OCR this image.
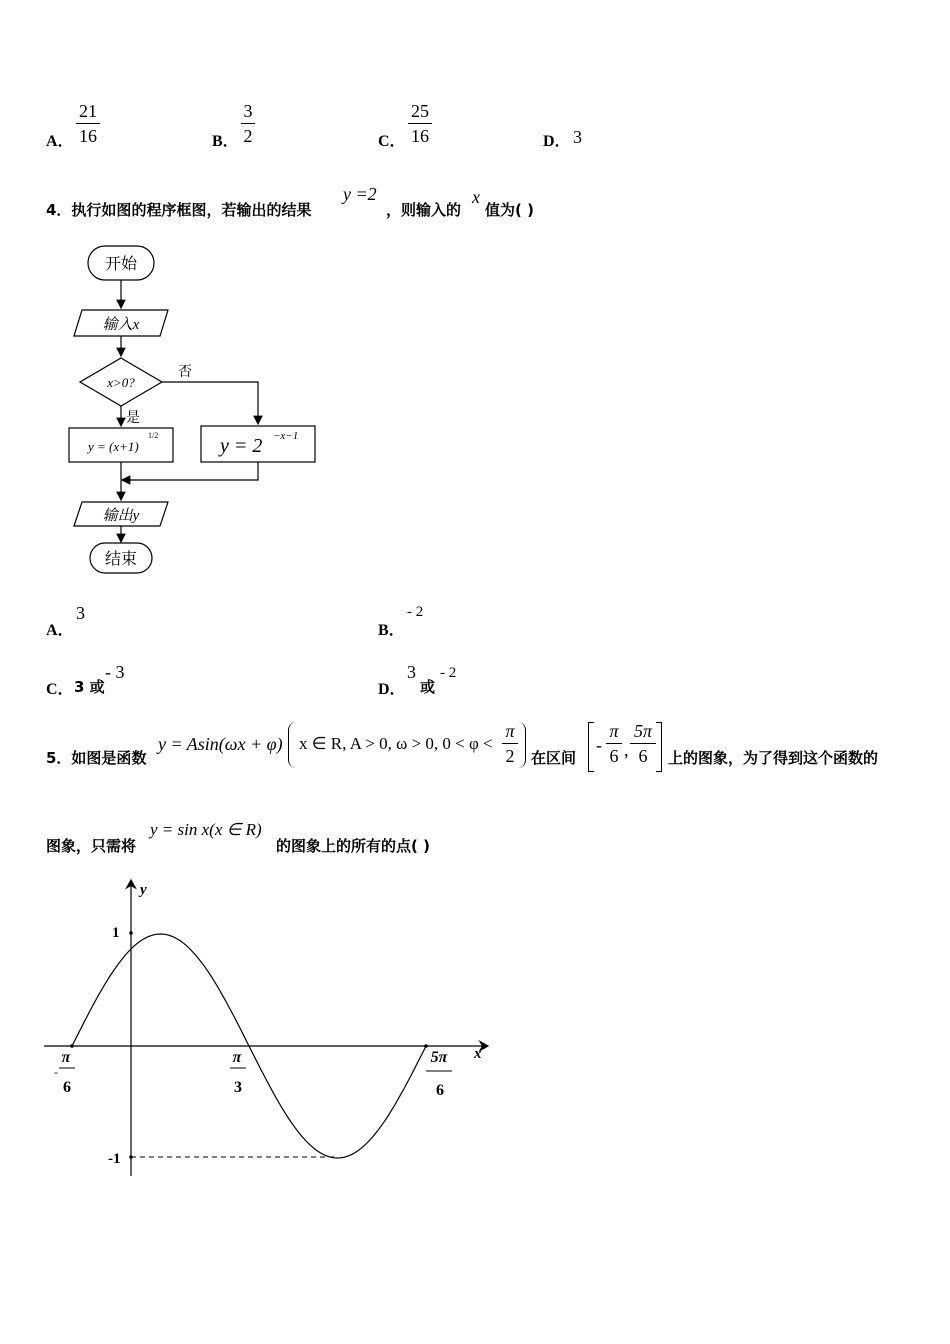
A．
21
16	B．
3
2	C．
25
16	D． 3
4．执行如图的程序框图，若输出的结果
y =2
，则输入的
x
值为( )
开始
输入x
x>0?
否
是
y = (x+1)
1/2	y = 2 −x−1
输出y
结束
A．
3
B．
- 2
C． 3 或
- 3
D．
3
或
- 2
5．如图是函数
y = Asin(ωx + φ) x ∈ R, A > 0, ω > 0, 0 < φ <
π
2 在区间
-
π
6 ,
5π
6	上的图象，为了得到这个函数的
图象，只需将
y = sin x(x ∈ R)
的图象上的所有的点( )
y
x
1
-1
-
π
6
π
3
5π
6
